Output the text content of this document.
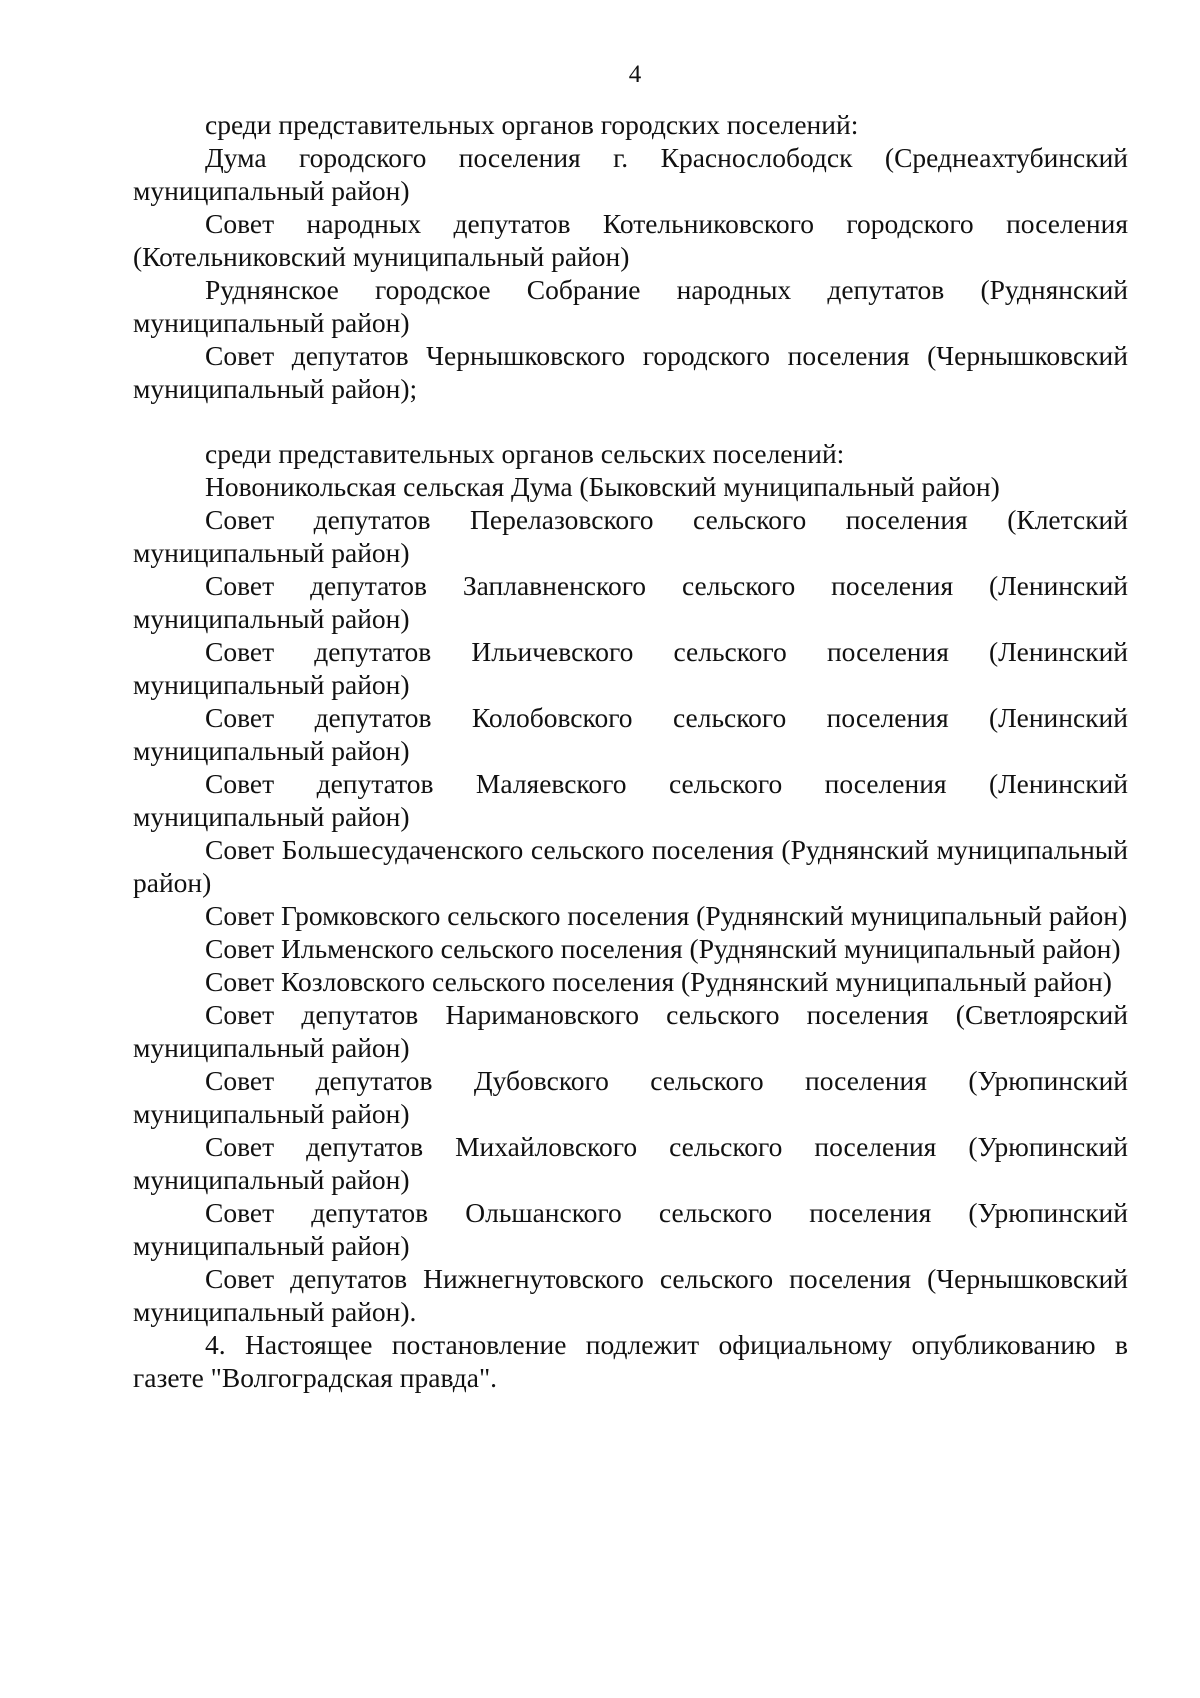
4

среди представительных органов городских поселений:

Дума городского поселения г. Краснослободск (Среднеахтубинский муниципальный район)

Совет народных депутатов Котельниковского городского поселения (Котельниковский муниципальный район)

Руднянское городское Собрание народных депутатов (Руднянский муниципальный район)

Совет депутатов Чернышковского городского поселения (Чернышковский муниципальный район);

среди представительных органов сельских поселений:

Новоникольская сельская Дума (Быковский муниципальный район)

Совет депутатов Перелазовского сельского поселения (Клетский муниципальный район)

Совет депутатов Заплавненского сельского поселения (Ленинский муниципальный район)

Совет депутатов Ильичевского сельского поселения (Ленинский муниципальный район)

Совет депутатов Колобовского сельского поселения (Ленинский муниципальный район)

Совет депутатов Маляевского сельского поселения (Ленинский муниципальный район)

Совет Большесудаченского сельского поселения (Руднянский муниципальный район)

Совет Громковского сельского поселения (Руднянский муниципальный район)

Совет Ильменского сельского поселения (Руднянский муниципальный район)

Совет Козловского сельского поселения (Руднянский муниципальный район)

Совет депутатов Наримановского сельского поселения (Светлоярский муниципальный район)

Совет депутатов Дубовского сельского поселения (Урюпинский муниципальный район)

Совет депутатов Михайловского сельского поселения (Урюпинский муниципальный район)

Совет депутатов Ольшанского сельского поселения (Урюпинский муниципальный район)

Совет депутатов Нижнегнутовского сельского поселения (Чернышковский муниципальный район).

4. Настоящее постановление подлежит официальному опубликованию в газете "Волгоградская правда".
